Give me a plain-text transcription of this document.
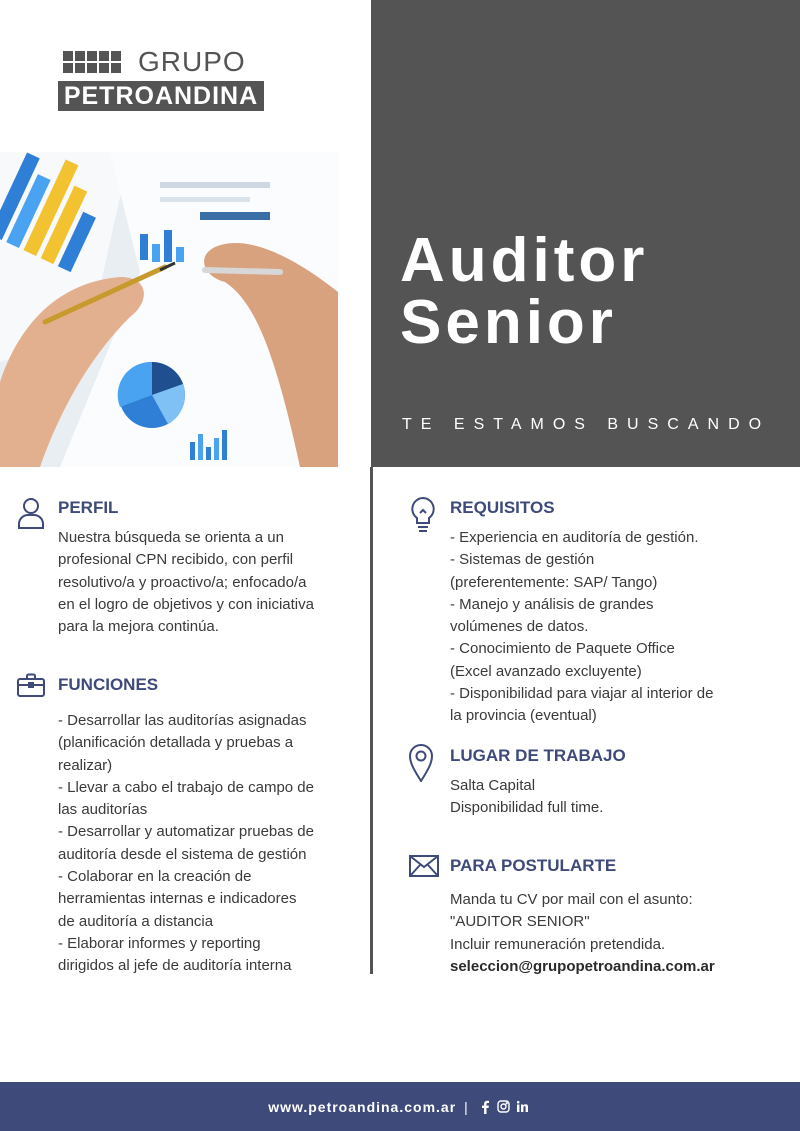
GRUPO
PETROANDINA
Auditor
Senior
TE ESTAMOS BUSCANDO
PERFIL
Nuestra búsqueda se orienta a un
profesional CPN recibido, con perfil
resolutivo/a y proactivo/a; enfocado/a
en el logro de objetivos y con iniciativa
para la mejora continúa.
FUNCIONES
- Desarrollar las auditorías asignadas
(planificación detallada y pruebas a
realizar)
- Llevar a cabo el trabajo de campo de
las auditorías
- Desarrollar y automatizar pruebas de
auditoría desde el sistema de gestión
- Colaborar en la creación de
herramientas internas e indicadores
de auditoría a distancia
- Elaborar informes y reporting
dirigidos al jefe de auditoría interna
REQUISITOS
- Experiencia en auditoría de gestión.
- Sistemas de gestión
(preferentemente: SAP/ Tango)
- Manejo y análisis de grandes
volúmenes de datos.
- Conocimiento de Paquete Office
(Excel avanzado excluyente)
- Disponibilidad para viajar al interior de
la provincia (eventual)
LUGAR DE TRABAJO
Salta Capital
Disponibilidad full time.
PARA POSTULARTE
Manda tu CV por mail con el asunto:
"AUDITOR SENIOR"
Incluir remuneración pretendida.
seleccion@grupopetroandina.com.ar
www.petroandina.com.ar |
